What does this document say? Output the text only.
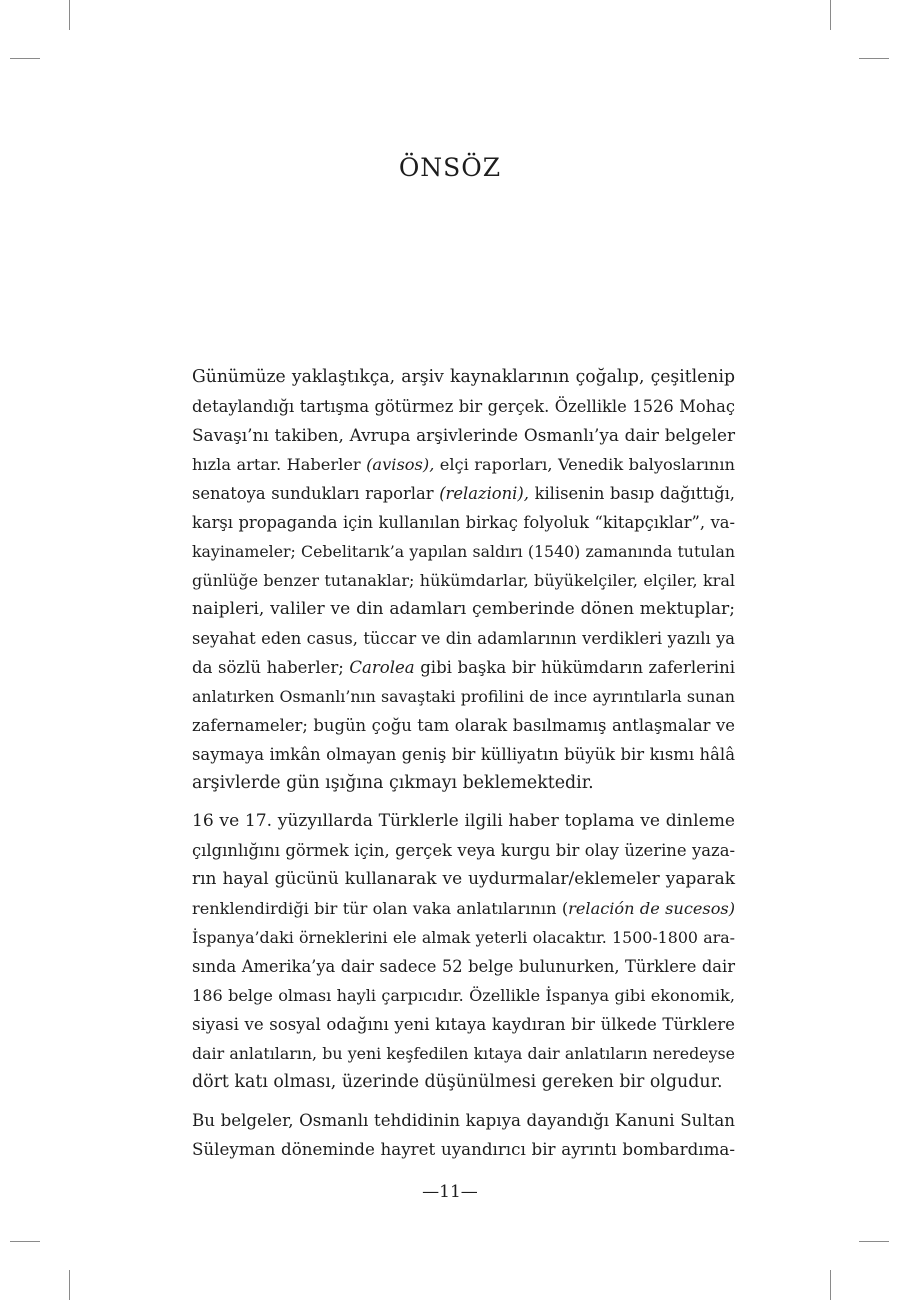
ÖNSÖZ

Günümüze yaklaştıkça, arşiv kaynaklarının çoğalıp, çeşitlenip
detaylandığı tartışma götürmez bir gerçek. Özellikle 1526 Mohaç
Savaşı’nı takiben, Avrupa arşivlerinde Osmanlı’ya dair belgeler
hızla artar. Haberler (avisos), elçi raporları, Venedik balyoslarının
senatoya sundukları raporlar (relazioni), kilisenin basıp dağıttığı,
karşı propaganda için kullanılan birkaç folyoluk “kitapçıklar”, va-
kayinameler; Cebelitarık’a yapılan saldırı (1540) zamanında tutulan
günlüğe benzer tutanaklar; hükümdarlar, büyükelçiler, elçiler, kral
naipleri, valiler ve din adamları çemberinde dönen mektuplar;
seyahat eden casus, tüccar ve din adamlarının verdikleri yazılı ya
da sözlü haberler; Carolea gibi başka bir hükümdarın zaferlerini
anlatırken Osmanlı’nın savaştaki profilini de ince ayrıntılarla sunan
zafernameler; bugün çoğu tam olarak basılmamış antlaşmalar ve
saymaya imkân olmayan geniş bir külliyatın büyük bir kısmı hâlâ
arşivlerde gün ışığına çıkmayı beklemektedir.

16 ve 17. yüzyıllarda Türklerle ilgili haber toplama ve dinleme
çılgınlığını görmek için, gerçek veya kurgu bir olay üzerine yaza-
rın hayal gücünü kullanarak ve uydurmalar/eklemeler yaparak
renklendirdiği bir tür olan vaka anlatılarının (relación de sucesos)
İspanya’daki örneklerini ele almak yeterli olacaktır. 1500-1800 ara-
sında Amerika’ya dair sadece 52 belge bulunurken, Türklere dair
186 belge olması hayli çarpıcıdır. Özellikle İspanya gibi ekonomik,
siyasi ve sosyal odağını yeni kıtaya kaydıran bir ülkede Türklere
dair anlatıların, bu yeni keşfedilen kıtaya dair anlatıların neredeyse
dört katı olması, üzerinde düşünülmesi gereken bir olgudur.

Bu belgeler, Osmanlı tehdidinin kapıya dayandığı Kanuni Sultan
Süleyman döneminde hayret uyandırıcı bir ayrıntı bombardıma-

—11—
